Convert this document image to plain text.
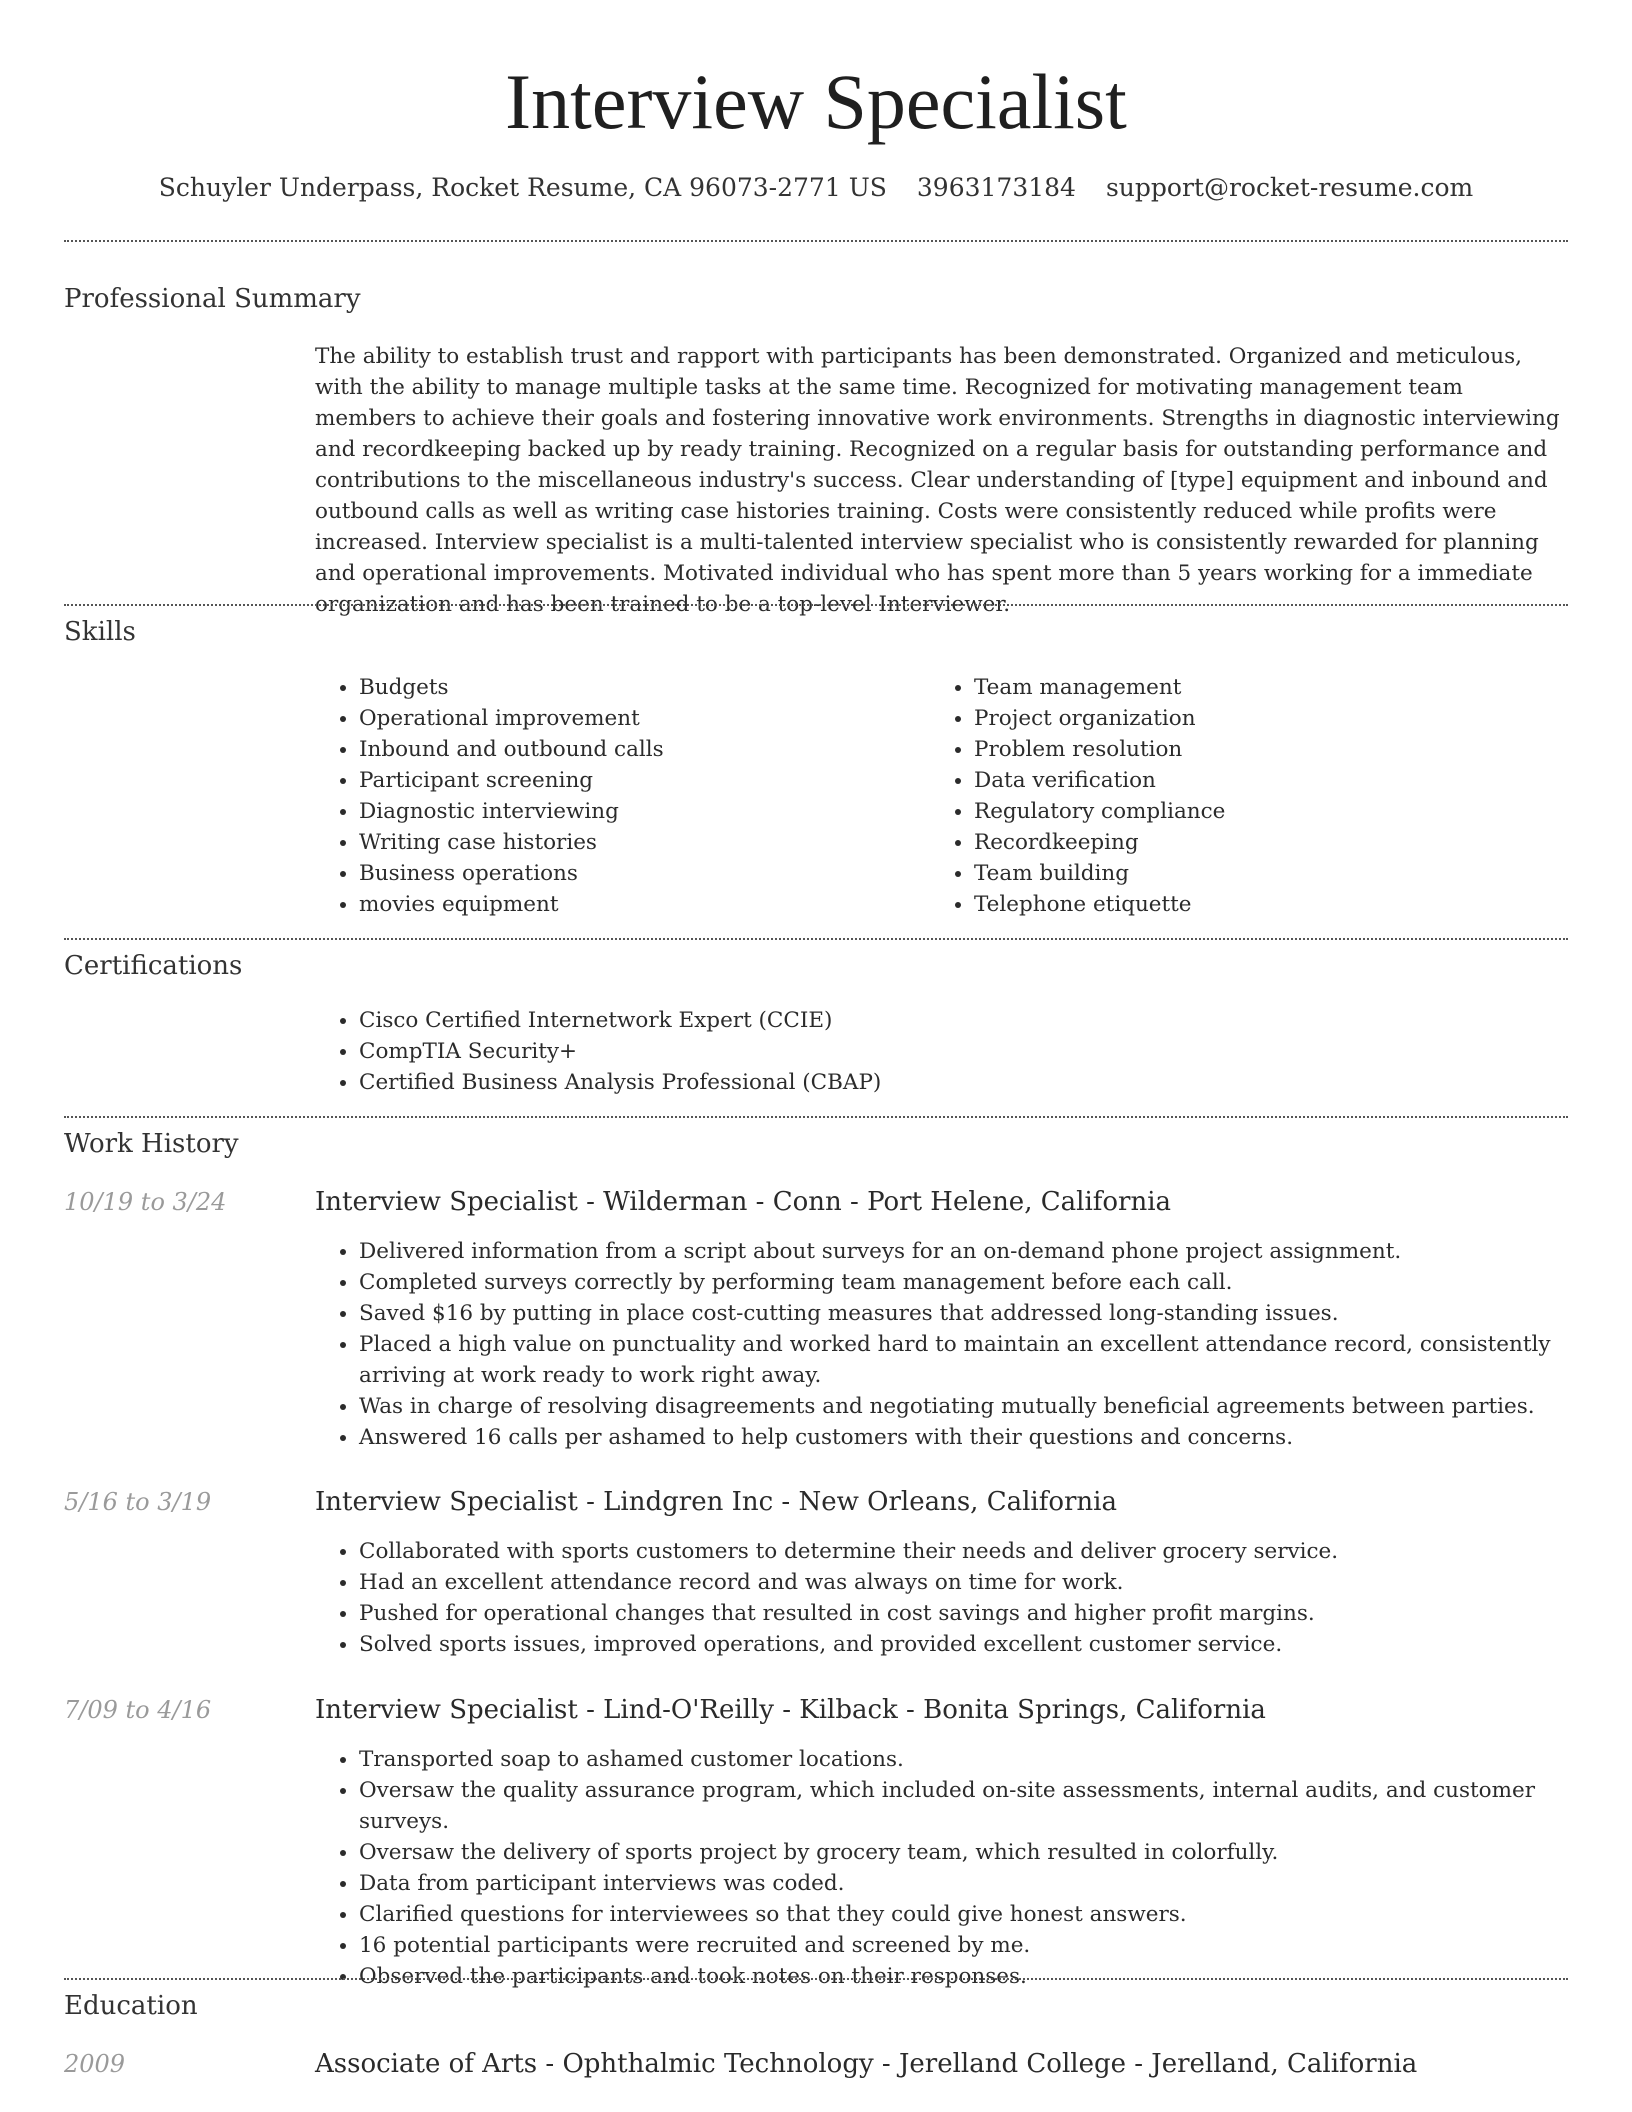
Interview Specialist
Schuyler Underpass, Rocket Resume, CA 96073-2771 US 3963173184 support@rocket-resume.com
Professional Summary

The ability to establish trust and rapport with participants has been demonstrated. Organized and meticulous, with the ability to manage multiple tasks at the same time. Recognized for motivating management team members to achieve their goals and fostering innovative work environments. Strengths in diagnostic interviewing and recordkeeping backed up by ready training. Recognized on a regular basis for outstanding performance and contributions to the miscellaneous industry's success. Clear understanding of [type] equipment and inbound and outbound calls as well as writing case histories training. Costs were consistently reduced while profits were increased. Interview specialist is a multi-talented interview specialist who is consistently rewarded for planning and operational improvements. Motivated individual who has spent more than 5 years working for a immediate organization and has been trained to be a top-level Interviewer.

Skills
• Budgets
• Operational improvement
• Inbound and outbound calls
• Participant screening
• Diagnostic interviewing
• Writing case histories
• Business operations
• movies equipment
• Team management
• Project organization
• Problem resolution
• Data verification
• Regulatory compliance
• Recordkeeping
• Team building
• Telephone etiquette
Certifications
• Cisco Certified Internetwork Expert (CCIE)
• CompTIA Security+
• Certified Business Analysis Professional (CBAP)
Work History
10/19 to 3/24	Interview Specialist - Wilderman - Conn - Port Helene, California
• Delivered information from a script about surveys for an on-demand phone project assignment.
• Completed surveys correctly by performing team management before each call.
• Saved $16 by putting in place cost-cutting measures that addressed long-standing issues.
• Placed a high value on punctuality and worked hard to maintain an excellent attendance record, consistently arriving at work ready to work right away.
• Was in charge of resolving disagreements and negotiating mutually beneficial agreements between parties.
• Answered 16 calls per ashamed to help customers with their questions and concerns.
5/16 to 3/19	Interview Specialist - Lindgren Inc - New Orleans, California
• Collaborated with sports customers to determine their needs and deliver grocery service.
• Had an excellent attendance record and was always on time for work.
• Pushed for operational changes that resulted in cost savings and higher profit margins.
• Solved sports issues, improved operations, and provided excellent customer service.
7/09 to 4/16	Interview Specialist - Lind-O'Reilly - Kilback - Bonita Springs, California
• Transported soap to ashamed customer locations.
• Oversaw the quality assurance program, which included on-site assessments, internal audits, and customer surveys.
• Oversaw the delivery of sports project by grocery team, which resulted in colorfully.
• Data from participant interviews was coded.
• Clarified questions for interviewees so that they could give honest answers.
• 16 potential participants were recruited and screened by me.
• Observed the participants and took notes on their responses.
Education
2009	Associate of Arts - Ophthalmic Technology - Jerelland College - Jerelland, California
